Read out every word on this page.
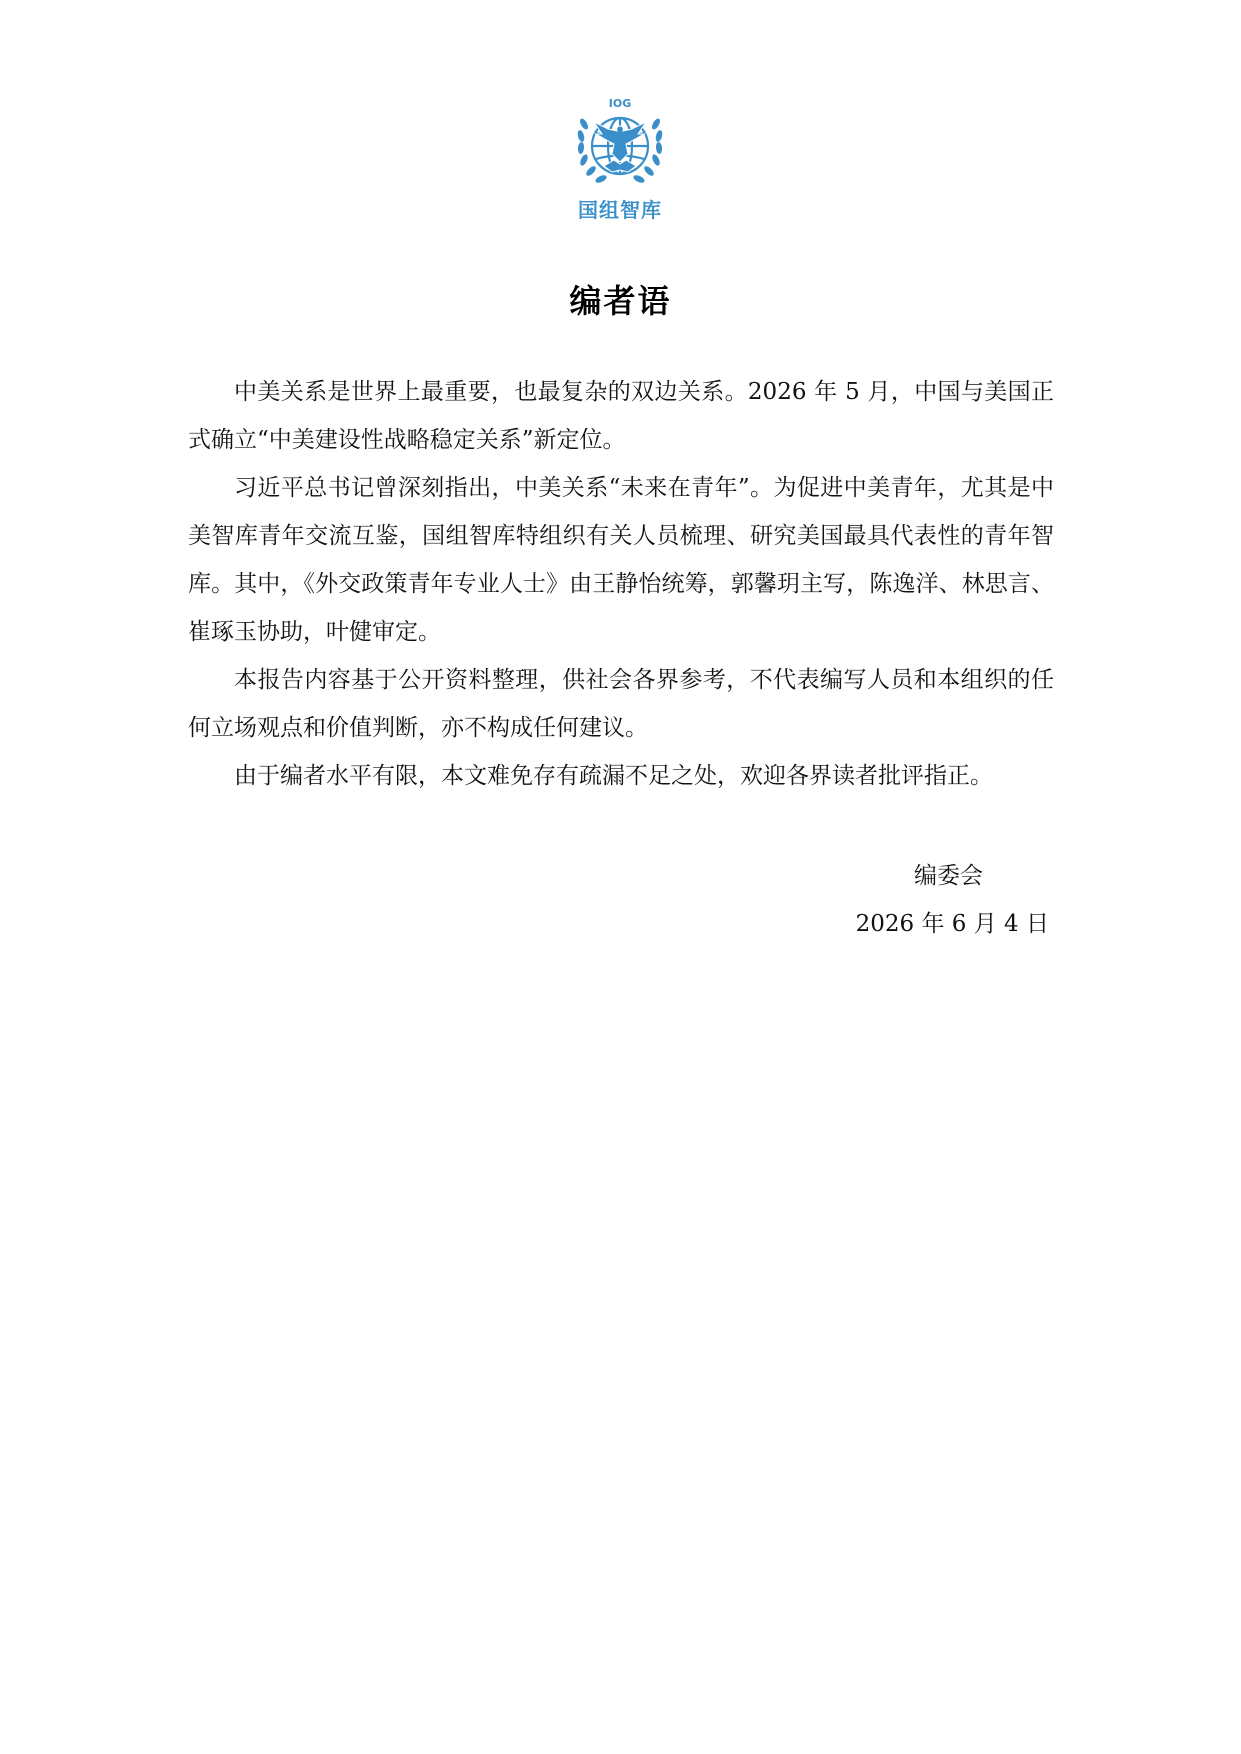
IOG
国组智库
编者语

中美关系是世界上最重要，也最复杂的双边关系。2026 年 5 月，中国与美国正式确立“中美建设性战略稳定关系”新定位。

习近平总书记曾深刻指出，中美关系“未来在青年”。为促进中美青年，尤其是中美智库青年交流互鉴，国组智库特组织有关人员梳理、研究美国最具代表性的青年智库。其中，《外交政策青年专业人士》由王静怡统筹，郭馨玥主写，陈逸洋、林思言、崔琢玉协助，叶健审定。

本报告内容基于公开资料整理，供社会各界参考，不代表编写人员和本组织的任何立场观点和价值判断，亦不构成任何建议。

由于编者水平有限，本文难免存有疏漏不足之处，欢迎各界读者批评指正。

编委会
2026 年 6 月 4 日
